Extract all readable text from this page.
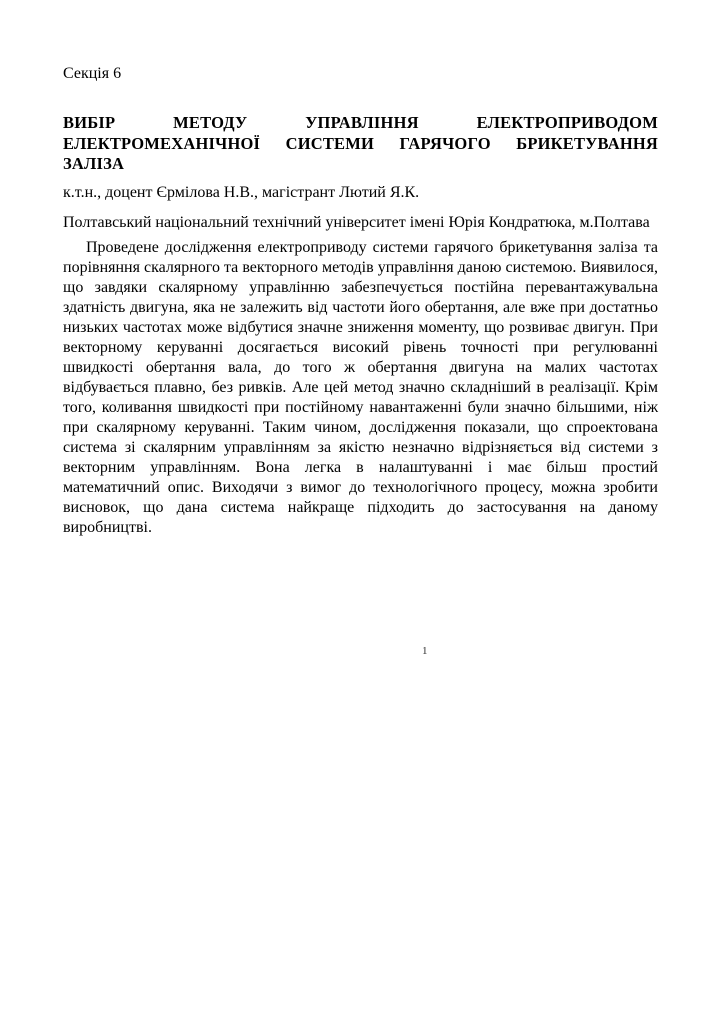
Секція 6
ВИБІР МЕТОДУ УПРАВЛІННЯ ЕЛЕКТРОПРИВОДОМ ЕЛЕКТРОМЕХАНІЧНОЇ СИСТЕМИ ГАРЯЧОГО БРИКЕТУВАННЯ ЗАЛІЗА

к.т.н., доцент Єрмілова Н.В., магістрант Лютий Я.К.

Полтавський національний технічний університет імені Юрія Кондратюка, м.Полтава

Проведене дослідження електроприводу системи гарячого брикетування заліза та порівняння скалярного та векторного методів управління даною системою. Виявилося, що завдяки скалярному управлінню забезпечується постійна перевантажувальна здатність двигуна, яка не залежить від частоти його обертання, але вже при достатньо низьких частотах може відбутися значне зниження моменту, що розвиває двигун. При векторному керуванні досягається високий рівень точності при регулюванні швидкості обертання вала, до того ж обертання двигуна на малих частотах відбувається плавно, без ривків. Але цей метод значно складніший в реалізації. Крім того, коливання швидкості при постійному навантаженні були значно більшими, ніж при скалярному керуванні. Таким чином, дослідження показали, що спроектована система зі скалярним управлінням за якістю незначно відрізняється від системи з векторним управлінням. Вона легка в налаштуванні і має більш простий математичний опис. Виходячи з вимог до технологічного процесу, можна зробити висновок, що дана система найкраще підходить до застосування на даному виробництві.

1
